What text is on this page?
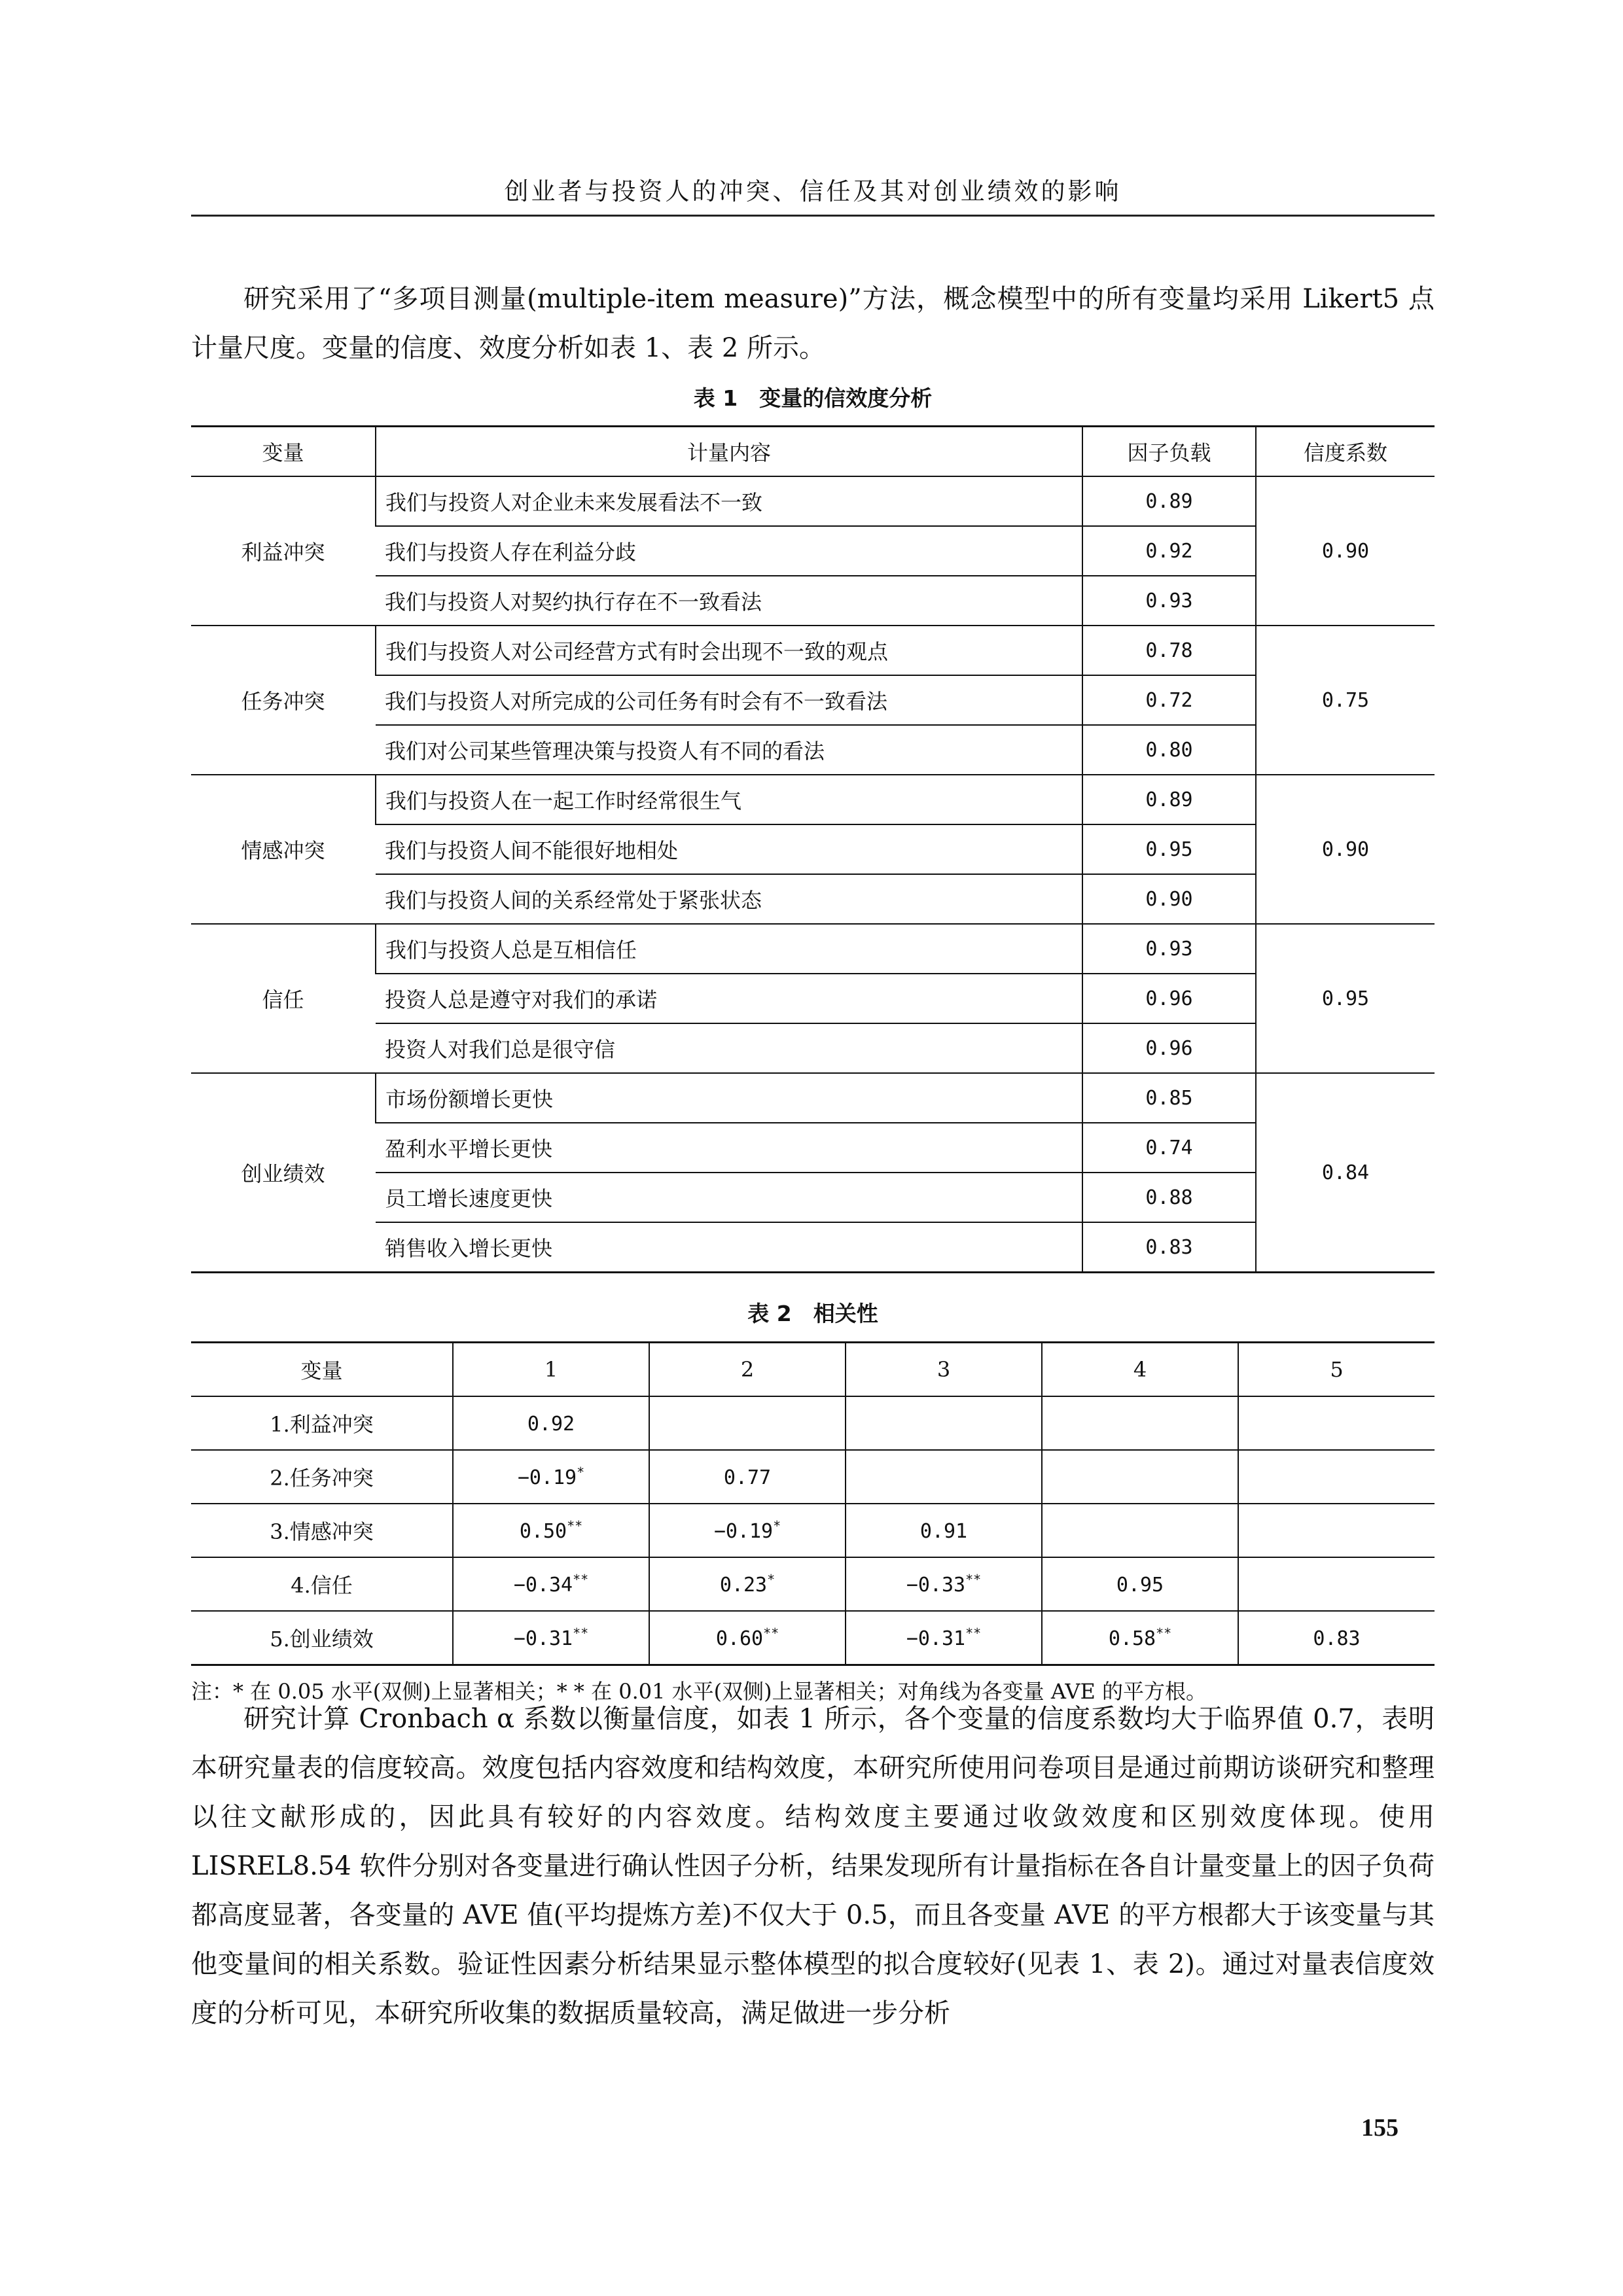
创业者与投资人的冲突、信任及其对创业绩效的影响

研究采用了“多项目测量(multiple-item measure)”方法，概念模型中的所有变量均采用 Likert5 点计量尺度。变量的信度、效度分析如表 1、表 2 所示。

表 1　变量的信效度分析
变量	计量内容	因子负载	信度系数
利益冲突	我们与投资人对企业未来发展看法不一致	0.89	0.90
	我们与投资人存在利益分歧	0.92	
	我们与投资人对契约执行存在不一致看法	0.93	
任务冲突	我们与投资人对公司经营方式有时会出现不一致的观点	0.78	0.75
	我们与投资人对所完成的公司任务有时会有不一致看法	0.72	
	我们对公司某些管理决策与投资人有不同的看法	0.80	
情感冲突	我们与投资人在一起工作时经常很生气	0.89	0.90
	我们与投资人间不能很好地相处	0.95	
	我们与投资人间的关系经常处于紧张状态	0.90	
信任	我们与投资人总是互相信任	0.93	0.95
	投资人总是遵守对我们的承诺	0.96	
	投资人对我们总是很守信	0.96	
创业绩效	市场份额增长更快	0.85	0.84
	盈利水平增长更快	0.74	
	员工增长速度更快	0.88	
	销售收入增长更快	0.83	
表 2　相关性
变量	1	2	3	4	5
1.利益冲突	0.92				
2.任务冲突	−0.19*	0.77			
3.情感冲突	0.50**	−0.19*	0.91		
4.信任	−0.34**	0.23*	−0.33**	0.95	
5.创业绩效	−0.31**	0.60**	−0.31**	0.58**	0.83
注：* 在 0.05 水平(双侧)上显著相关；* * 在 0.01 水平(双侧)上显著相关；对角线为各变量 AVE 的平方根。

研究计算 Cronbach α 系数以衡量信度，如表 1 所示，各个变量的信度系数均大于临界值 0.7，表明本研究量表的信度较高。效度包括内容效度和结构效度，本研究所使用问卷项目是通过前期访谈研究和整理以往文献形成的，因此具有较好的内容效度。结构效度主要通过收敛效度和区别效度体现。使用 LISREL8.54 软件分别对各变量进行确认性因子分析，结果发现所有计量指标在各自计量变量上的因子负荷都高度显著，各变量的 AVE 值(平均提炼方差)不仅大于 0.5，而且各变量 AVE 的平方根都大于该变量与其他变量间的相关系数。验证性因素分析结果显示整体模型的拟合度较好(见表 1、表 2)。通过对量表信度效度的分析可见，本研究所收集的数据质量较高，满足做进一步分析

155
